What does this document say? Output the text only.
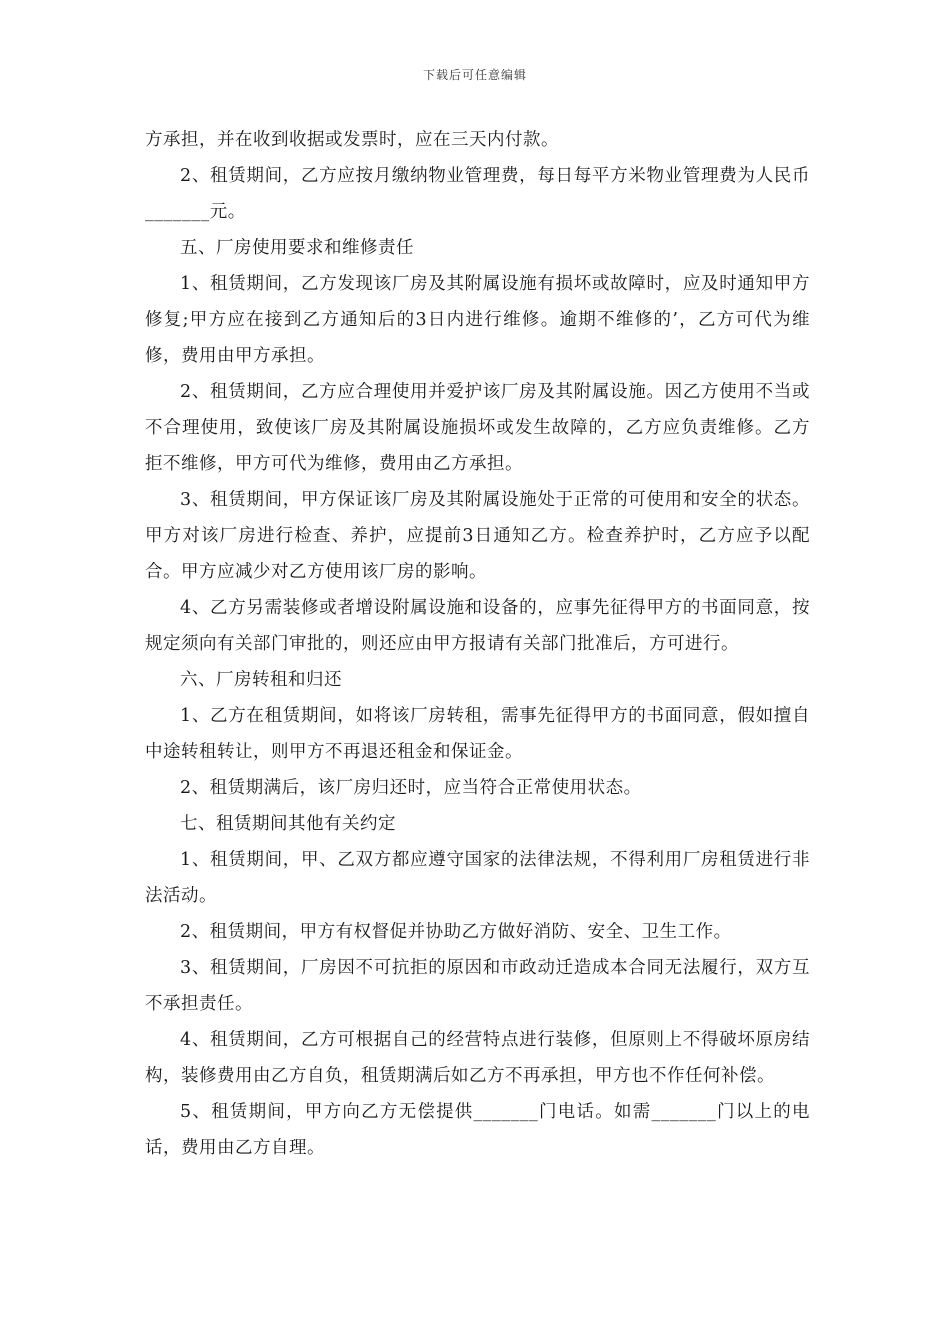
下载后可任意编辑

方承担，并在收到收据或发票时，应在三天内付款。

2、租赁期间，乙方应按月缴纳物业管理费，每日每平方米物业管理费为人民币_______元。

五、厂房使用要求和维修责任

1、租赁期间，乙方发现该厂房及其附属设施有损坏或故障时，应及时通知甲方修复;甲方应在接到乙方通知后的3日内进行维修。逾期不维修的’，乙方可代为维修，费用由甲方承担。

2、租赁期间，乙方应合理使用并爱护该厂房及其附属设施。因乙方使用不当或不合理使用，致使该厂房及其附属设施损坏或发生故障的，乙方应负责维修。乙方拒不维修，甲方可代为维修，费用由乙方承担。

3、租赁期间，甲方保证该厂房及其附属设施处于正常的可使用和安全的状态。甲方对该厂房进行检查、养护，应提前3日通知乙方。检查养护时，乙方应予以配合。甲方应减少对乙方使用该厂房的影响。

4、乙方另需装修或者增设附属设施和设备的，应事先征得甲方的书面同意，按规定须向有关部门审批的，则还应由甲方报请有关部门批准后，方可进行。

六、厂房转租和归还

1、乙方在租赁期间，如将该厂房转租，需事先征得甲方的书面同意，假如擅自中途转租转让，则甲方不再退还租金和保证金。

2、租赁期满后，该厂房归还时，应当符合正常使用状态。

七、租赁期间其他有关约定

1、租赁期间，甲、乙双方都应遵守国家的法律法规，不得利用厂房租赁进行非法活动。

2、租赁期间，甲方有权督促并协助乙方做好消防、安全、卫生工作。

3、租赁期间，厂房因不可抗拒的原因和市政动迁造成本合同无法履行，双方互不承担责任。

4、租赁期间，乙方可根据自己的经营特点进行装修，但原则上不得破坏原房结构，装修费用由乙方自负，租赁期满后如乙方不再承担，甲方也不作任何补偿。

5、租赁期间，甲方向乙方无偿提供_______门电话。如需_______门以上的电话，费用由乙方自理。
